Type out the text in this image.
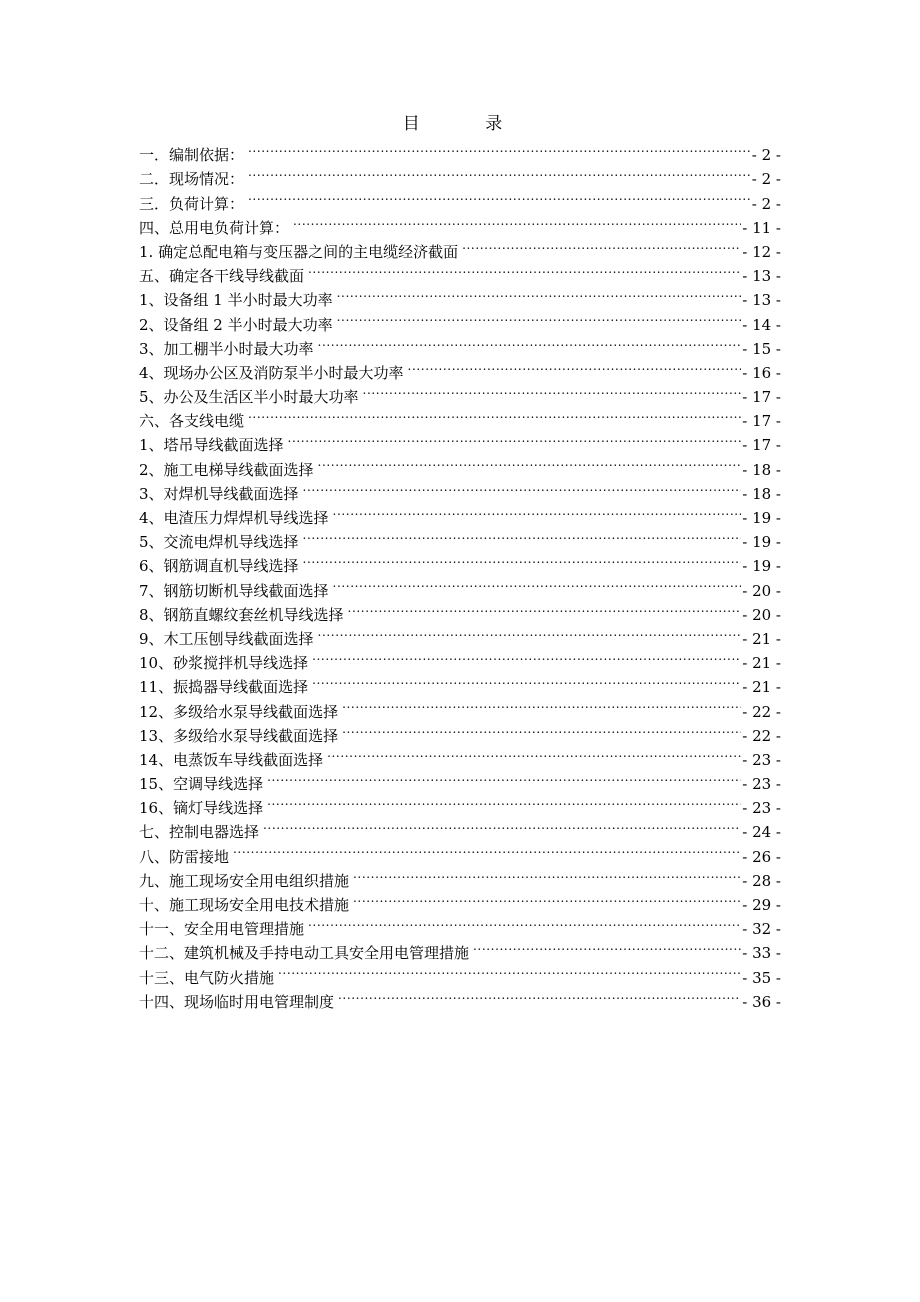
目 录
一．编制依据： .....	- 2 -
二．现场情况： .....	- 2 -
三．负荷计算： .....	- 2 -
四、总用电负荷计算： .....	- 11 -
1. 确定总配电箱与变压器之间的主电缆经济截面 .....	- 12 -
五、确定各干线导线截面 .....	- 13 -
1、设备组 1 半小时最大功率 .....	- 13 -
2、设备组 2 半小时最大功率 .....	- 14 -
3、加工棚半小时最大功率 .....	- 15 -
4、现场办公区及消防泵半小时最大功率 .....	- 16 -
5、办公及生活区半小时最大功率 .....	- 17 -
六、各支线电缆 .....	- 17 -
1、塔吊导线截面选择 .....	- 17 -
2、施工电梯导线截面选择 .....	- 18 -
3、对焊机导线截面选择 .....	- 18 -
4、电渣压力焊焊机导线选择 .....	- 19 -
5、交流电焊机导线选择 .....	- 19 -
6、钢筋调直机导线选择 .....	- 19 -
7、钢筋切断机导线截面选择 .....	- 20 -
8、钢筋直螺纹套丝机导线选择 .....	- 20 -
9、木工压刨导线截面选择 .....	- 21 -
10、砂浆搅拌机导线选择 .....	- 21 -
11、振捣器导线截面选择 .....	- 21 -
12、多级给水泵导线截面选择 .....	- 22 -
13、多级给水泵导线截面选择 .....	- 22 -
14、电蒸饭车导线截面选择 .....	- 23 -
15、空调导线选择 .....	- 23 -
16、镝灯导线选择 .....	- 23 -
七、控制电器选择 .....	- 24 -
八、防雷接地 .....	- 26 -
九、施工现场安全用电组织措施 .....	- 28 -
十、施工现场安全用电技术措施 .....	- 29 -
十一、安全用电管理措施 .....	- 32 -
十二、建筑机械及手持电动工具安全用电管理措施 .....	- 33 -
十三、电气防火措施 .....	- 35 -
十四、现场临时用电管理制度 .....	- 36 -
